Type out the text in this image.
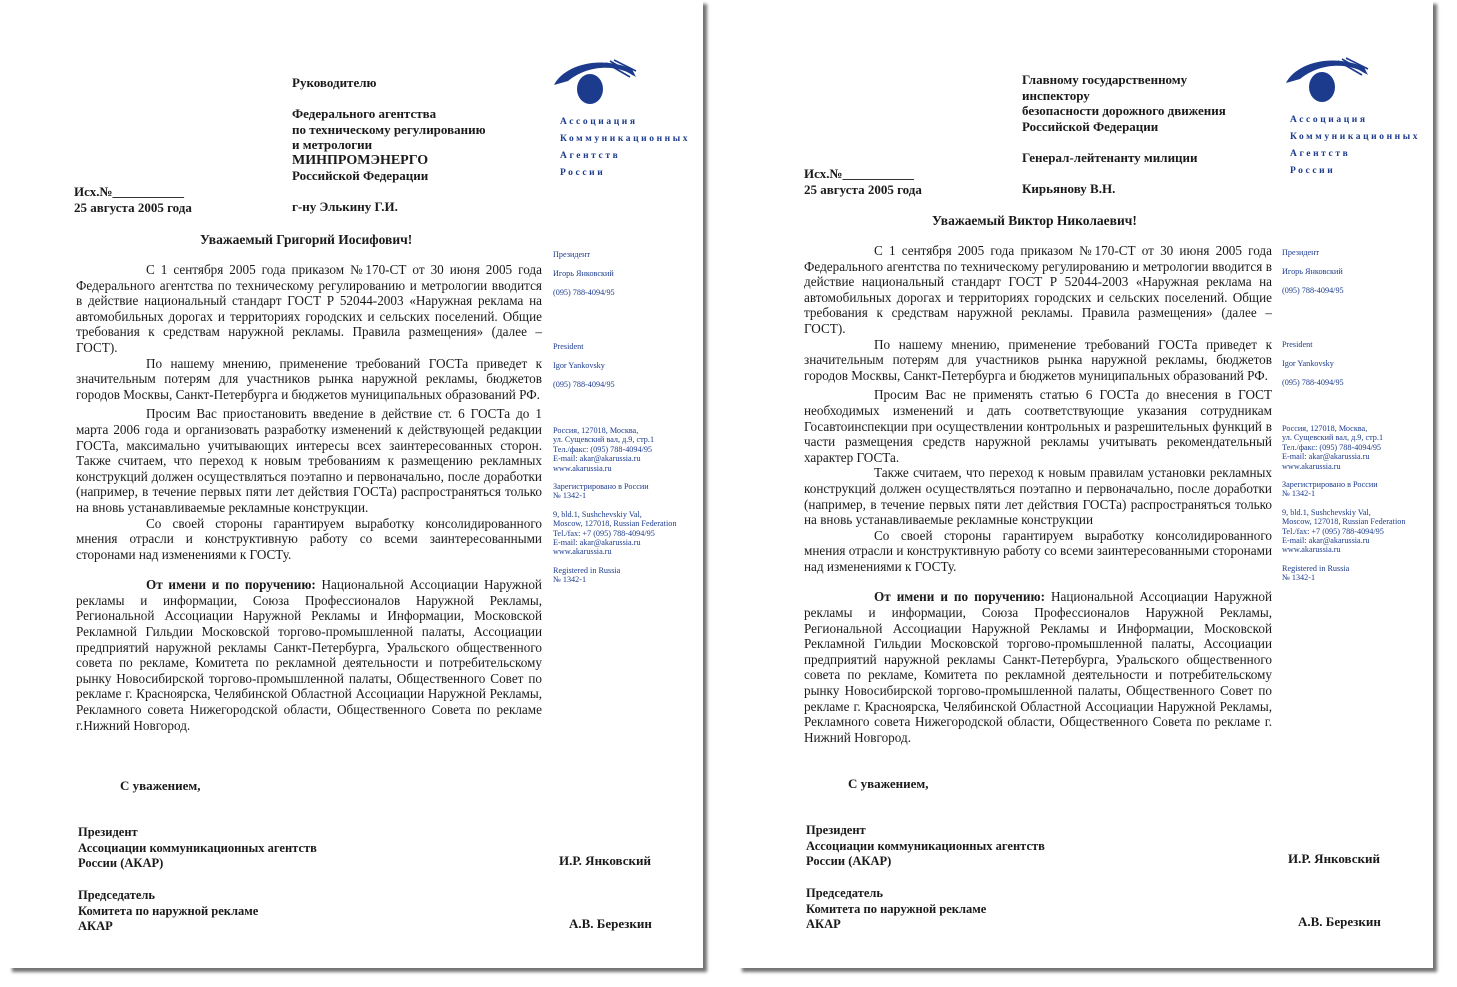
Руководителю
Федерального агентства
по техническому регулированию
и метрологии
МИНПРОМЭНЕРГО
Российской Федерации
г-ну Элькину Г.И.
Исх.№___________
25 августа 2005 года
Ассоциация
Коммуникационных
Агентств
России
Уважаемый Григорий Иосифович!

С 1 сентября 2005 года приказом №170-СТ от 30 июня 2005 года Федерального агентства по техническому регулированию и метрологии вводится в действие национальный стандарт ГОСТ Р 52044-2003 «Наружная реклама на автомобильных дорогах и территориях городских и сельских поселений. Общие требования к средствам наружной рекламы. Правила размещения» (далее – ГОСТ).

По нашему мнению, применение требований ГОСТа приведет к значительным потерям для участников рынка наружной рекламы, бюджетов городов Москвы, Санкт-Петербурга и бюджетов муниципальных образований РФ.

Просим Вас приостановить введение в действие ст. 6 ГОСТа до 1 марта 2006 года и организовать разработку изменений к действующей редакции ГОСТа, максимально учитывающих интересы всех заинтересованных сторон. Также считаем, что переход к новым требованиям к размещению рекламных конструкций должен осуществляться поэтапно и первоначально, после доработки (например, в течение первых пяти лет действия ГОСТа) распространяться только на вновь устанавливаемые рекламные конструкции.

Со своей стороны гарантируем выработку консолидированного мнения отрасли и конструктивную работу со всеми заинтересованными сторонами над изменениями к ГОСТу.

От имени и по поручению: Национальной Ассоциации Наружной рекламы и информации, Союза Профессионалов Наружной Рекламы, Региональной Ассоциации Наружной Рекламы и Информации, Московской Рекламной Гильдии Московской торгово-промышленной палаты, Ассоциации предприятий наружной рекламы Санкт-Петербурга, Уральского общественного совета по рекламе, Комитета по рекламной деятельности и потребительскому рынку Новосибирской торгово-промышленной палаты, Общественного Совет по рекламе г. Красноярска, Челябинской Областной Ассоциации Наружной Рекламы, Рекламного совета Нижегородской области, Общественного Совета по рекламе г.Нижний Новгород.

Президент
Игорь Янковский
(095) 788-4094/95
President
Igor Yankovsky
(095) 788-4094/95
Россия, 127018, Москва,
ул. Сущевский вал, д.9, стр.1
Тел./факс: (095) 788-4094/95
E-mail: akar@akarussia.ru
www.akarussia.ru
Зарегистрировано в России
№ 1342-1
9, bld.1, Sushchevskiy Val,
Moscow, 127018, Russian Federation
Tel./fax: +7 (095) 788-4094/95
E-mail: akar@akarussia.ru
www.akarussia.ru
Registered in Russia
№ 1342-1
С уважением,
Президент
Ассоциации коммуникационных агентств
России (АКАР)	И.Р. Янковский
Председатель
Комитета по наружной рекламе
АКАР	А.В. Березкин
Главному государственному
инспектору
безопасности дорожного движения
Российской Федерации
Генерал-лейтенанту милиции
Кирьянову В.Н.
Исх.№___________
25 августа 2005 года
Ассоциация
Коммуникационных
Агентств
России
Уважаемый Виктор Николаевич!

С 1 сентября 2005 года приказом №170-СТ от 30 июня 2005 года Федерального агентства по техническому регулированию и метрологии вводится в действие национальный стандарт ГОСТ Р 52044-2003 «Наружная реклама на автомобильных дорогах и территориях городских и сельских поселений. Общие требования к средствам наружной рекламы. Правила размещения» (далее – ГОСТ).

По нашему мнению, применение требований ГОСТа приведет к значительным потерям для участников рынка наружной рекламы, бюджетов городов Москвы, Санкт-Петербурга и бюджетов муниципальных образований РФ.

Просим Вас не применять статью 6 ГОСТа до внесения в ГОСТ необходимых изменений и дать соответствующие указания сотрудникам Госавтоинспекции при осуществлении контрольных и разрешительных функций в части размещения средств наружной рекламы учитывать рекомендательный характер ГОСТа.

Также считаем, что переход к новым правилам установки рекламных конструкций должен осуществляться поэтапно и первоначально, после доработки (например, в течение первых пяти лет действия ГОСТа) распространяться только на вновь устанавливаемые рекламные конструкции

Со своей стороны гарантируем выработку консолидированного мнения отрасли и конструктивную работу со всеми заинтересованными сторонами над изменениями к ГОСТу.

От имени и по поручению: Национальной Ассоциации Наружной рекламы и информации, Союза Профессионалов Наружной Рекламы, Региональной Ассоциации Наружной Рекламы и Информации, Московской Рекламной Гильдии Московской торгово-промышленной палаты, Ассоциации предприятий наружной рекламы Санкт-Петербурга, Уральского общественного совета по рекламе, Комитета по рекламной деятельности и потребительскому рынку Новосибирской торгово-промышленной палаты, Общественного Совет по рекламе г. Красноярска, Челябинской Областной Ассоциации Наружной Рекламы, Рекламного совета Нижегородской области, Общественного Совета по рекламе г. Нижний Новгород.

Президент
Игорь Янковский
(095) 788-4094/95
President
Igor Yankovsky
(095) 788-4094/95
Россия, 127018, Москва,
ул. Сущевский вал, д.9, стр.1
Тел./факс: (095) 788-4094/95
E-mail: akar@akarussia.ru
www.akarussia.ru
Зарегистрировано в России
№ 1342-1
9, bld.1, Sushchevskiy Val,
Moscow, 127018, Russian Federation
Tel./fax: +7 (095) 788-4094/95
E-mail: akar@akarussia.ru
www.akarussia.ru
Registered in Russia
№ 1342-1
С уважением,
Президент
Ассоциации коммуникационных агентств
России (АКАР)	И.Р. Янковский
Председатель
Комитета по наружной рекламе
АКАР	А.В. Березкин
